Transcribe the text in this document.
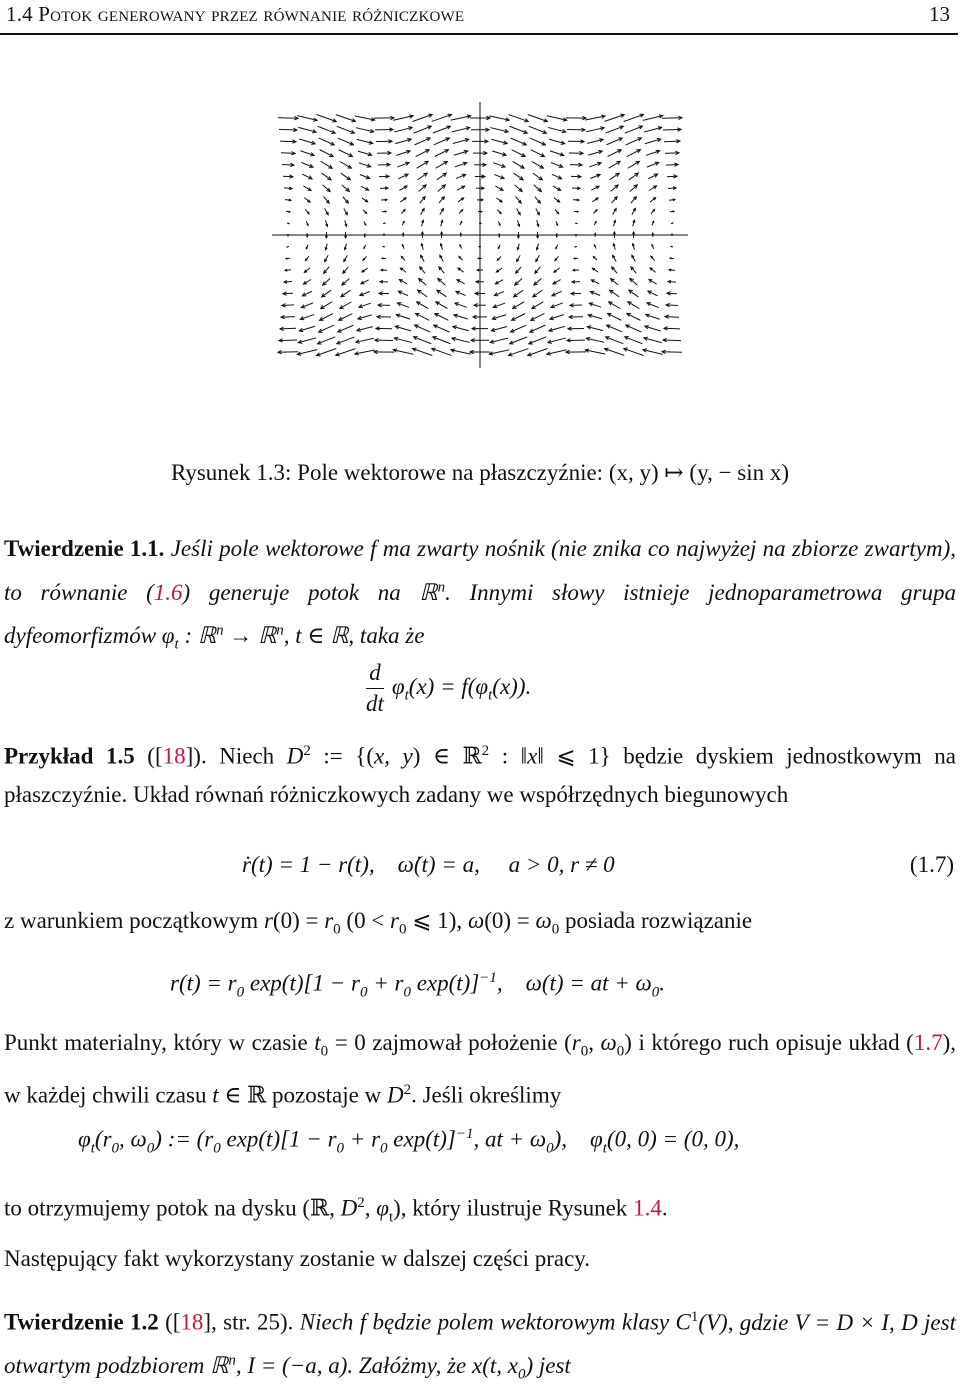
1.4 Potok generowany przez równanie różniczkowe	13
Rysunek 1.3: Pole wektorowe na płaszczyźnie: (x, y) ↦ (y, − sin x)
Twierdzenie 1.1. Jeśli pole wektorowe f ma zwarty nośnik (nie znika co najwyżej na zbiorze zwartym), to równanie (1.6) generuje potok na ℝ$^n$. Innymi słowy istnieje jednoparametrowa grupa dyfeomorfizmów $\varphi_t$ : ℝ$^n$ → ℝ$^n$, t ∈ ℝ, taka że
$\frac{d}{dt} \varphi_t(x) = f(\varphi_t(x))$.
Przykład 1.5 ([18]). Niech $D^2$ := {(x, y) ∈ ℝ$^2$ : ‖x‖ ⩽ 1} będzie dyskiem jednostkowym na płaszczyźnie. Układ równań różniczkowych zadany we współrzędnych biegunowych
ṙ(t) = 1 − r(t),    ω̇(t) = a,     a > 0, r ≠ 0	(1.7)
z warunkiem początkowym $r(0) = r_0$ ($0 < r_0$ ⩽ 1), $\omega(0) = \omega_0$ posiada rozwiązanie
$r(t) = r_0$ $\exp(t)[1 - r_0 + r_0$ exp(t)]$^{-1}$,    ω(t) = at + $\omega_0$.
Punkt materialny, który w czasie $t_0 = 0$ zajmował położenie ($r_0$, $\omega_0$) i którego ruch opisuje układ (1.7), w każdej chwili czasu t ∈ ℝ pozostaje w $D^2$. Jeśli określimy
$\varphi_t(r_0$, $\omega_0$) := ($r_0$ $\exp(t)[1 - r_0 + r_0$ exp(t)]$^{-1}$, at + $\omega_0$),    $\varphi_t(0$, 0) = (0, 0),
to otrzymujemy potok na dysku (ℝ, $D^2$, $\varphi_t$), który ilustruje Rysunek 1.4.
Następujący fakt wykorzystany zostanie w dalszej części pracy.
Twierdzenie 1.2 ([18], str. 25). Niech f będzie polem wektorowym klasy $C^1(V)$, gdzie V = D × I, D jest otwartym podzbiorem ℝ$^n$, I = (−a, a). Załóżmy, że x(t, $x_0$) jest
